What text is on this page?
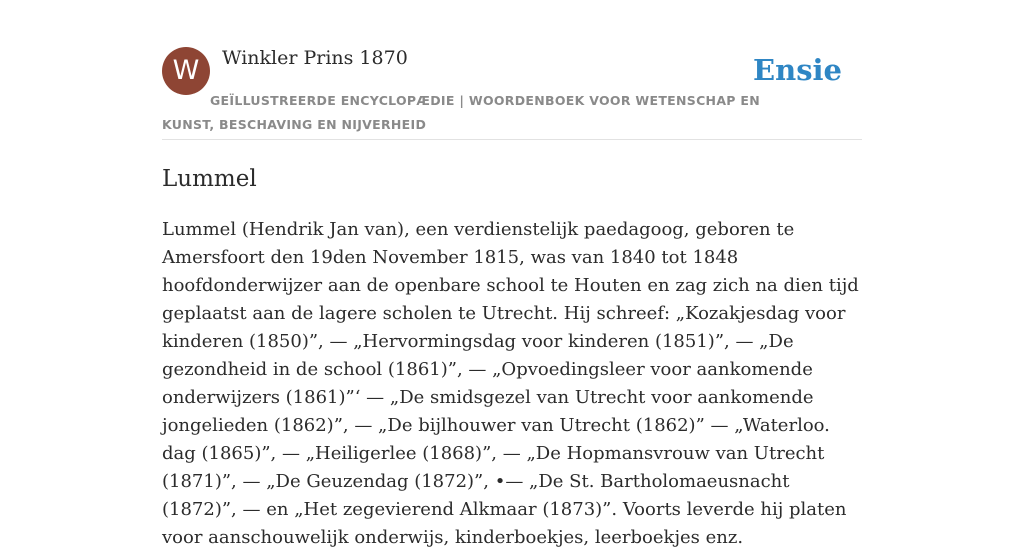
W	Winkler Prins 1870	Ensie
GEÏLLUSTREERDE ENCYCLOPÆDIE | WOORDENBOEK VOOR WETENSCHAP EN KUNST, BESCHAVING EN NIJVERHEID
Lummel

Lummel (Hendrik Jan van), een verdienstelijk paedagoog, geboren te Amersfoort den 19den November 1815, was van 1840 tot 1848 hoofdonderwijzer aan de openbare school te Houten en zag zich na dien tijd geplaatst aan de lagere scholen te Utrecht. Hij schreef: „Kozakjesdag voor kinderen (1850)”, — „Hervormingsdag voor kinderen (1851)”, — „De gezondheid in de school (1861)”, — „Opvoedingsleer voor aankomende onderwijzers (1861)”‘ — „De smidsgezel van Utrecht voor aankomende jongelieden (1862)”, — „De bijlhouwer van Utrecht (1862)” — „Waterloo. dag (1865)”, — „Heiligerlee (1868)”, — „De Hopmansvrouw van Utrecht (1871)”, — „De Geuzendag (1872)”, •— „De St. Bartholomaeusnacht (1872)”, — en „Het zegevierend Alkmaar (1873)”. Voorts leverde hij platen voor aanschouwelijk onderwijs, kinderboekjes, leerboekjes enz.
